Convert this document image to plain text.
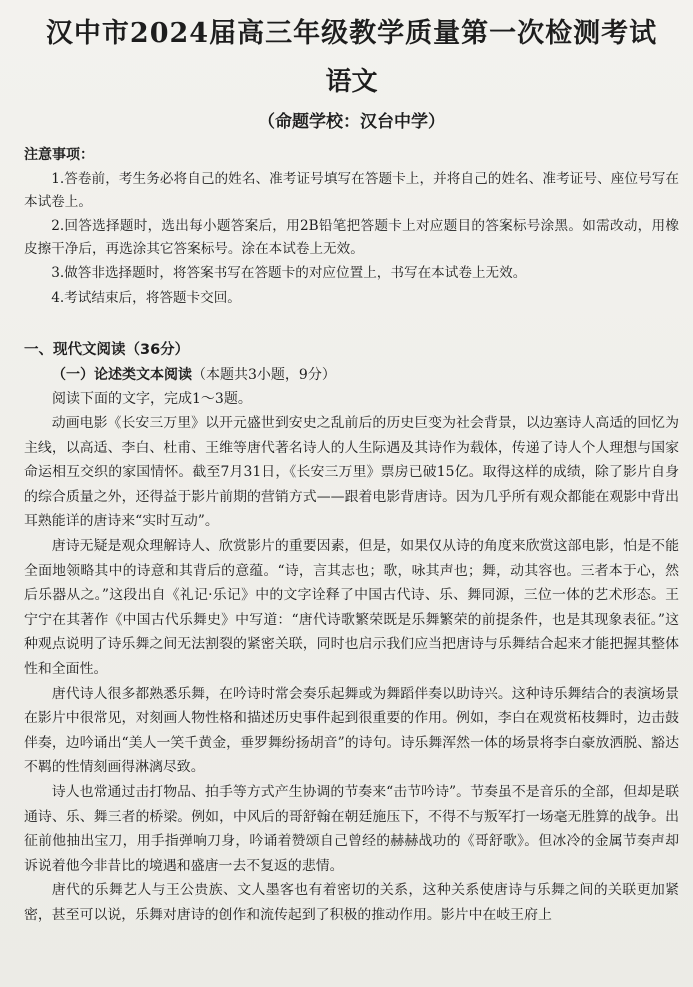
汉中市2024届高三年级教学质量第一次检测考试
语文
（命题学校：汉台中学）
注意事项：

1.答卷前，考生务必将自己的姓名、准考证号填写在答题卡上，并将自己的姓名、准考证号、座位号写在本试卷上。

2.回答选择题时，选出每小题答案后，用2B铅笔把答题卡上对应题目的答案标号涂黑。如需改动，用橡皮擦干净后，再选涂其它答案标号。涂在本试卷上无效。

3.做答非选择题时，将答案书写在答题卡的对应位置上，书写在本试卷上无效。

4.考试结束后，将答题卡交回。

一、现代文阅读（36分）
（一）论述类文本阅读（本题共3小题，9分）
阅读下面的文字，完成1～3题。

动画电影《长安三万里》以开元盛世到安史之乱前后的历史巨变为社会背景，以边塞诗人高适的回忆为主线，以高适、李白、杜甫、王维等唐代著名诗人的人生际遇及其诗作为载体，传递了诗人个人理想与国家命运相互交织的家国情怀。截至7月31日，《长安三万里》票房已破15亿。取得这样的成绩，除了影片自身的综合质量之外，还得益于影片前期的营销方式——跟着电影背唐诗。因为几乎所有观众都能在观影中背出耳熟能详的唐诗来“实时互动”。

唐诗无疑是观众理解诗人、欣赏影片的重要因素，但是，如果仅从诗的角度来欣赏这部电影，怕是不能全面地领略其中的诗意和其背后的意蕴。“诗，言其志也；歌，咏其声也；舞，动其容也。三者本于心，然后乐器从之。”这段出自《礼记·乐记》中的文字诠释了中国古代诗、乐、舞同源，三位一体的艺术形态。王宁宁在其著作《中国古代乐舞史》中写道：“唐代诗歌繁荣既是乐舞繁荣的前提条件，也是其现象表征。”这种观点说明了诗乐舞之间无法割裂的紧密关联，同时也启示我们应当把唐诗与乐舞结合起来才能把握其整体性和全面性。

唐代诗人很多都熟悉乐舞，在吟诗时常会奏乐起舞或为舞蹈伴奏以助诗兴。这种诗乐舞结合的表演场景在影片中很常见，对刻画人物性格和描述历史事件起到很重要的作用。例如，李白在观赏柘枝舞时，边击鼓伴奏，边吟诵出“美人一笑千黄金，垂罗舞纷扬胡音”的诗句。诗乐舞浑然一体的场景将李白豪放洒脱、豁达不羁的性情刻画得淋漓尽致。

诗人也常通过击打物品、拍手等方式产生协调的节奏来“击节吟诗”。节奏虽不是音乐的全部，但却是联通诗、乐、舞三者的桥梁。例如，中风后的哥舒翰在朝廷施压下，不得不与叛军打一场毫无胜算的战争。出征前他抽出宝刀，用手指弹响刀身，吟诵着赞颂自己曾经的赫赫战功的《哥舒歌》。但冰冷的金属节奏声却诉说着他今非昔比的境遇和盛唐一去不复返的悲情。

唐代的乐舞艺人与王公贵族、文人墨客也有着密切的关系，这种关系使唐诗与乐舞之间的关联更加紧密，甚至可以说，乐舞对唐诗的创作和流传起到了积极的推动作用。影片中在岐王府上
